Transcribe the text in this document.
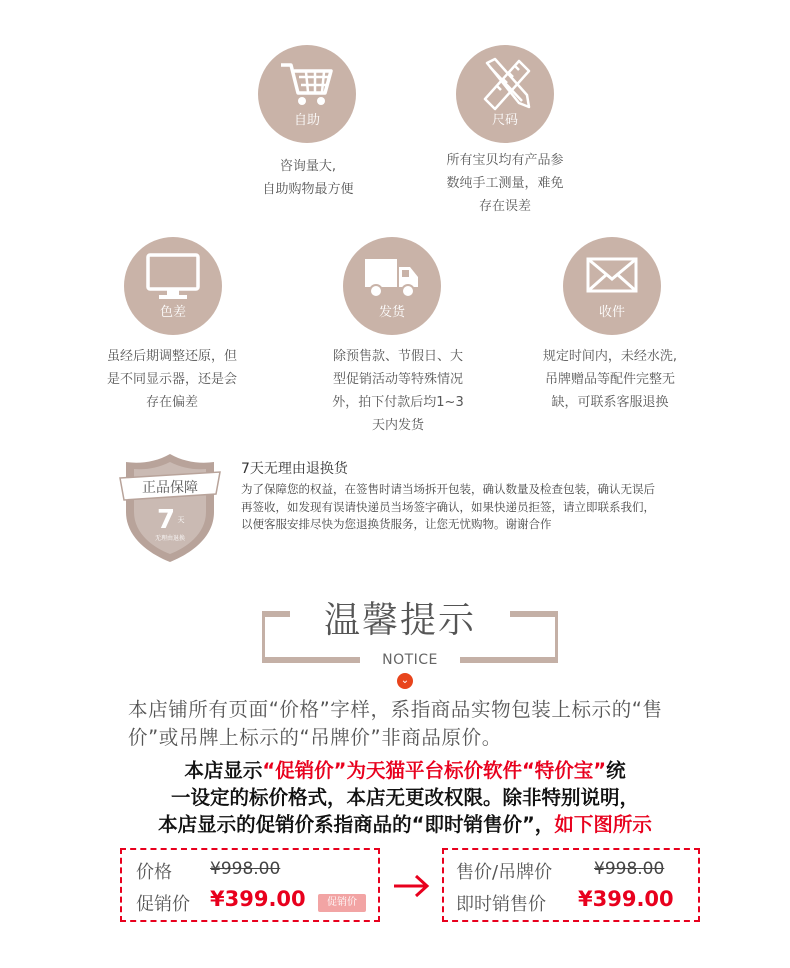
自助
咨询量大,
自助购物最方便
尺码
所有宝贝均有产品参
数纯手工测量，难免
存在误差
色差
虽经后期调整还原，但
是不同显示器，还是会
存在偏差
发货
除预售款、节假日、大
型促销活动等特殊情况
外，拍下付款后均1~3
天内发货
收件
规定时间内，未经水洗,
吊牌赠品等配件完整无
缺，可联系客服退换
正品保障
7 天
无理由退换
7天无理由退换货
为了保障您的权益，在签售时请当场拆开包装，确认数量及检查包装，确认无误后
再签收，如发现有误请快递员当场签字确认，如果快递员拒签，请立即联系我们，
以便客服安排尽快为您退换货服务，让您无忧购物。谢谢合作
温馨提示
NOTICE
⌄
本店铺所有页面“价格”字样，系指商品实物包装上标示的“售价”或吊牌上标示的“吊牌价”非商品原价。
本店显示“促销价”为天猫平台标价软件“特价宝”统
一设定的标价格式，本店无更改权限。除非特别说明，
本店显示的促销价系指商品的“即时销售价”，如下图所示
价格 ¥998.00
促销价 ¥399.00	促销价
售价/吊牌价 ¥998.00
即时销售价 ¥399.00
